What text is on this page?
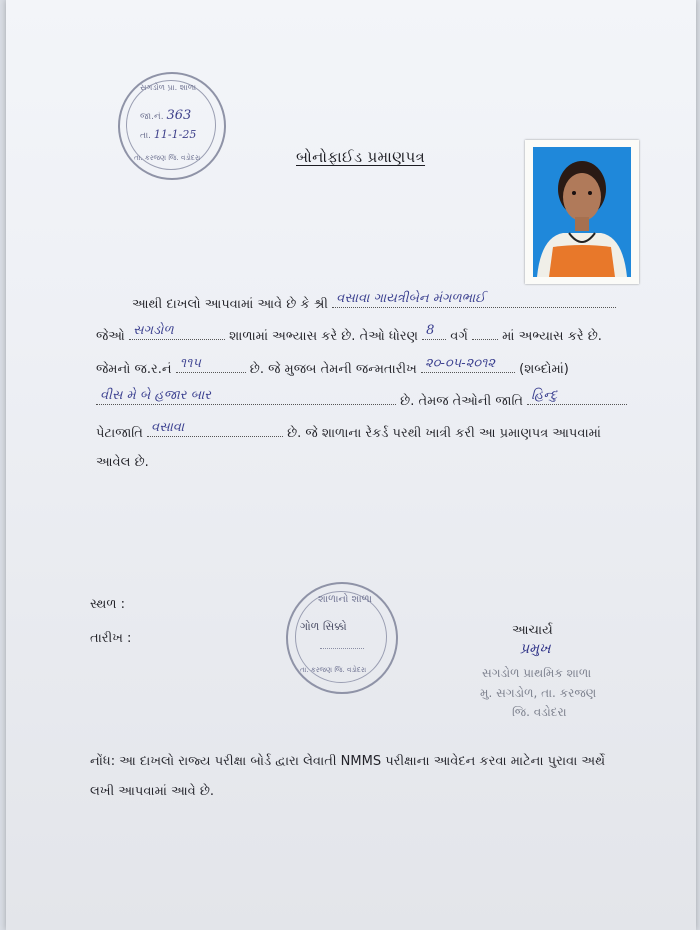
સગડોળ પ્રા. શાળા
જા.નં. 363
તા. 11-1-25
તા. કરજણ જિ. વડોદરા	બોનોફાઈડ પ્રમાણપત્ર
આથી દાખલો આપવામાં આવે છે કે શ્રી વસાવા ગાયત્રીબેન મંગળભાઈ
જેઓ સગડોળ	શાળામાં અભ્યાસ કરે છે. તેઓ ધોરણ 8 વર્ગ	માં અભ્યાસ કરે છે.
જેમનો જ.ર.નં ૧૧૫	છે. જે મુજબ તેમની જન્મતારીખ ૨૦-૦૫-૨૦૧૨ (શબ્દોમાં)
વીસ મે બે હજાર બાર	છે. તેમજ તેઓની જાતિ હિન્દુ
પેટાજાતિ વસાવા	છે. જે શાળાના રેકર્ડ પરથી ખાત્રી કરી આ પ્રમાણપત્ર આપવામાં
આવેલ છે.
સ્થળ :
તારીખ :
શાળાનો શાળા
ગોળ સિક્કો
તા. કરજણ જિ. વડોદરા
આચાર્ય
પ્રમુખ
સગડોળ પ્રાથમિક શાળા
મુ. સગડોળ, તા. કરજણ
જિ. વડોદરા
નોંધ: આ દાખલો રાજ્ય પરીક્ષા બોર્ડ દ્વારા લેવાતી NMMS પરીક્ષાના આવેદન કરવા માટેના પુરાવા અર્થે લખી આપવામાં આવે છે.
